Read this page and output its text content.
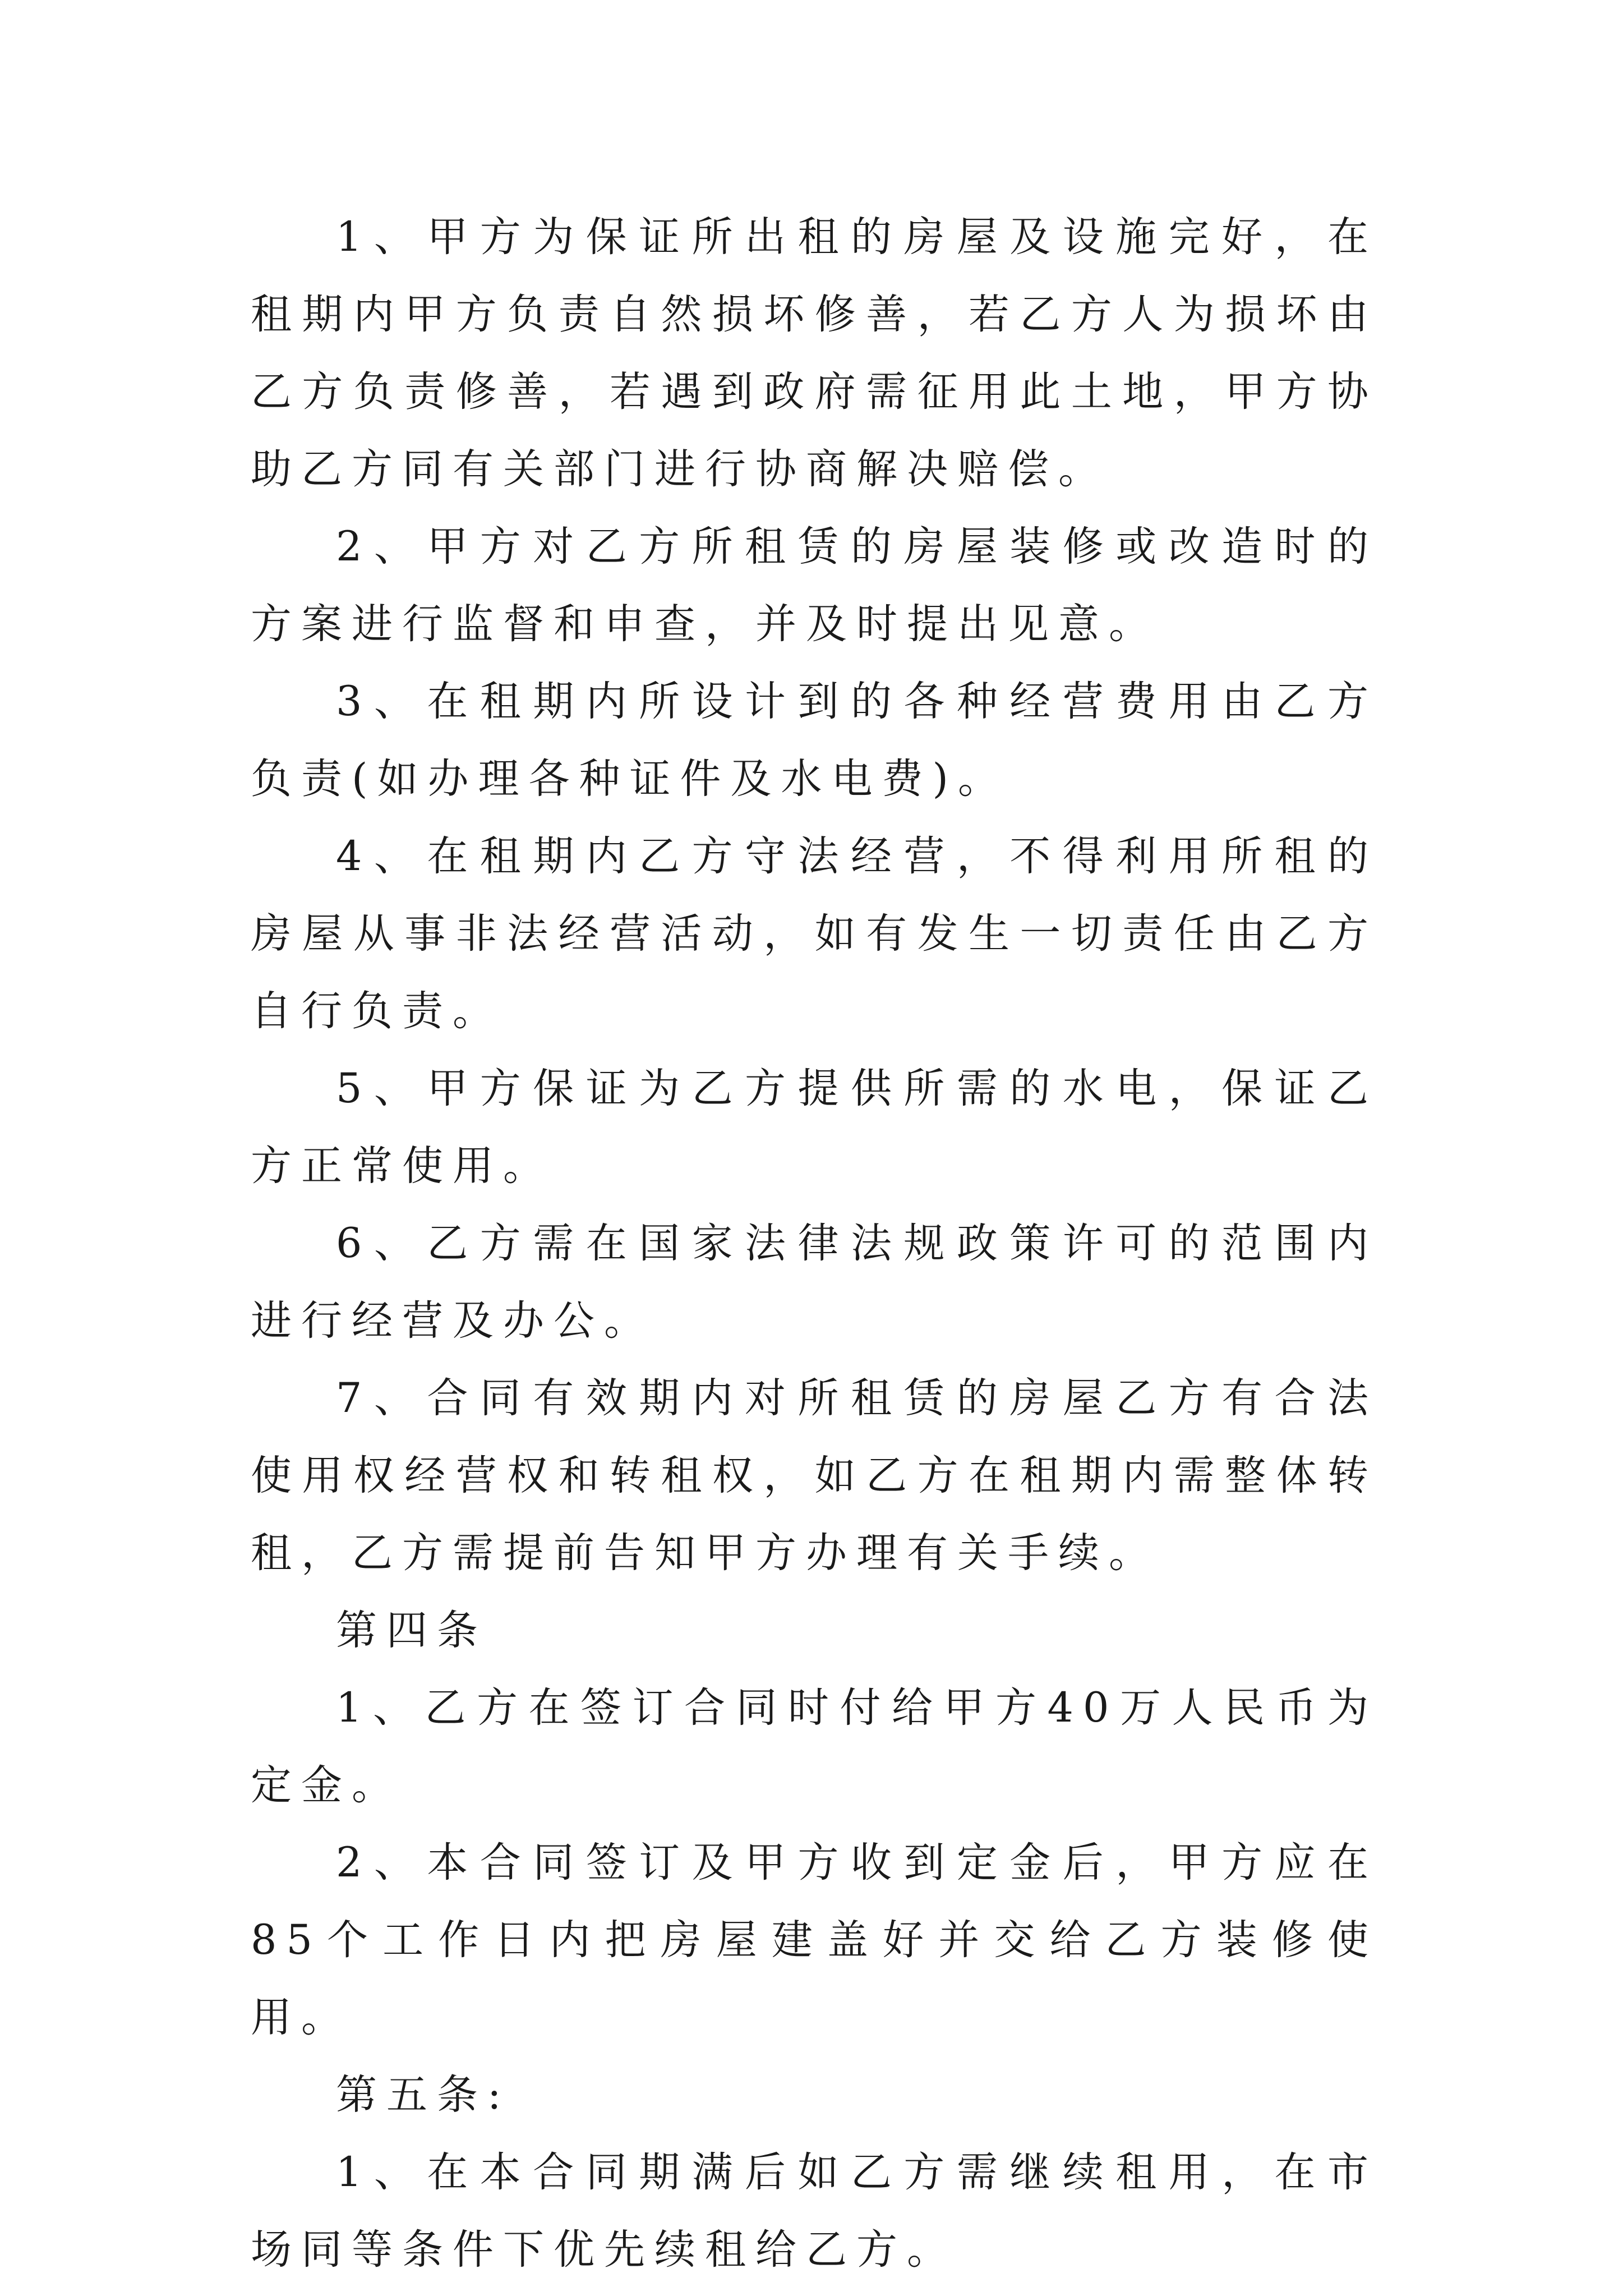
1、甲方为保证所出租的房屋及设施完好，在租期内甲方负责自然损坏修善，若乙方人为损坏由乙方负责修善，若遇到政府需征用此土地，甲方协助乙方同有关部门进行协商解决赔偿。

2、甲方对乙方所租赁的房屋装修或改造时的方案进行监督和申查，并及时提出见意。

3、在租期内所设计到的各种经营费用由乙方负责(如办理各种证件及水电费)。

4、在租期内乙方守法经营，不得利用所租的房屋从事非法经营活动，如有发生一切责任由乙方自行负责。

5、甲方保证为乙方提供所需的水电，保证乙方正常使用。

6、乙方需在国家法律法规政策许可的范围内进行经营及办公。

7、合同有效期内对所租赁的房屋乙方有合法使用权经营权和转租权，如乙方在租期内需整体转租，乙方需提前告知甲方办理有关手续。

第四条

1、乙方在签订合同时付给甲方40万人民币为定金。

2、本合同签订及甲方收到定金后，甲方应在85个工作日内把房屋建盖好并交给乙方装修使用。

第五条:

1、在本合同期满后如乙方需继续租用，在市场同等条件下优先续租给乙方。
